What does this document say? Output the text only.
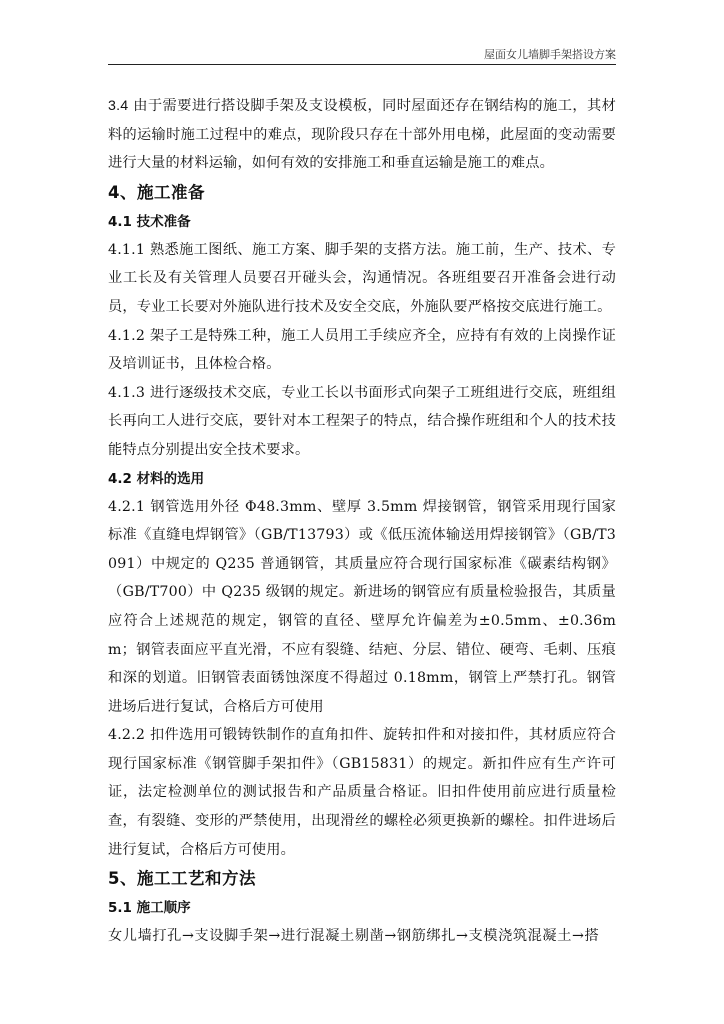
屋面女儿墙脚手架搭设方案

3.4 由于需要进行搭设脚手架及支设模板，同时屋面还存在钢结构的施工，其材料的运输时施工过程中的难点，现阶段只存在十部外用电梯，此屋面的变动需要进行大量的材料运输，如何有效的安排施工和垂直运输是施工的难点。

4、施工准备
4.1 技术准备

4.1.1 熟悉施工图纸、施工方案、脚手架的支搭方法。施工前，生产、技术、专业工长及有关管理人员要召开碰头会，沟通情况。各班组要召开准备会进行动员，专业工长要对外施队进行技术及安全交底，外施队要严格按交底进行施工。

4.1.2 架子工是特殊工种，施工人员用工手续应齐全，应持有有效的上岗操作证及培训证书，且体检合格。

4.1.3 进行逐级技术交底，专业工长以书面形式向架子工班组进行交底，班组组长再向工人进行交底，要针对本工程架子的特点，结合操作班组和个人的技术技能特点分别提出安全技术要求。

4.2 材料的选用

4.2.1 钢管选用外径 Φ48.3mm、壁厚 3.5mm 焊接钢管，钢管采用现行国家标准《直缝电焊钢管》（GB/T13793）或《低压流体输送用焊接钢管》（GB/T3091）中规定的 Q235 普通钢管，其质量应符合现行国家标准《碳素结构钢》（GB/T700）中 Q235 级钢的规定。新进场的钢管应有质量检验报告，其质量应符合上述规范的规定，钢管的直径、壁厚允许偏差为±0.5mm、±0.36mm；钢管表面应平直光滑，不应有裂缝、结疤、分层、错位、硬弯、毛刺、压痕和深的划道。旧钢管表面锈蚀深度不得超过 0.18mm，钢管上严禁打孔。钢管进场后进行复试，合格后方可使用

4.2.2 扣件选用可锻铸铁制作的直角扣件、旋转扣件和对接扣件，其材质应符合现行国家标准《钢管脚手架扣件》（GB15831）的规定。新扣件应有生产许可证，法定检测单位的测试报告和产品质量合格证。旧扣件使用前应进行质量检查，有裂缝、变形的严禁使用，出现滑丝的螺栓必须更换新的螺栓。扣件进场后进行复试，合格后方可使用。

5、施工工艺和方法
5.1 施工顺序

女儿墙打孔→支设脚手架→进行混凝土剔凿→钢筋绑扎→支模浇筑混凝土→搭
